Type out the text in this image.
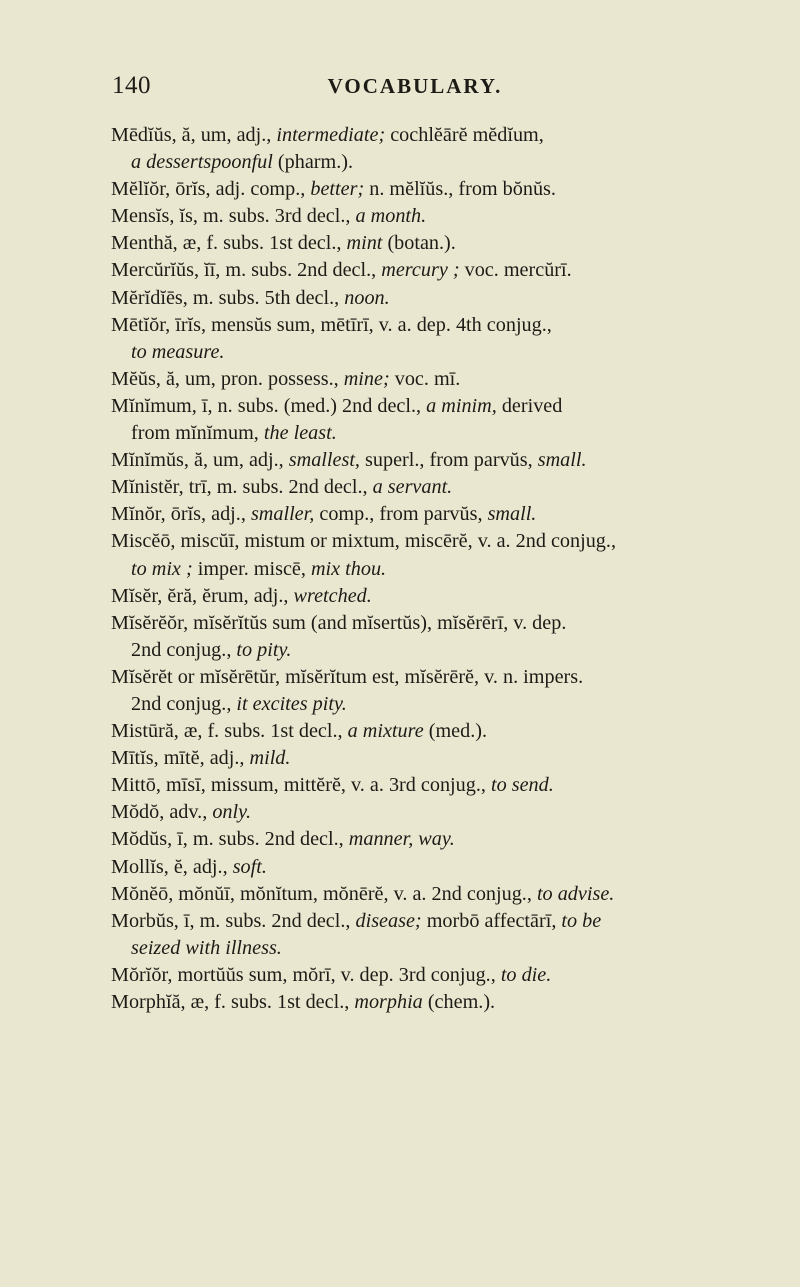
140	VOCABULARY.
Mēdĭŭs, ă, um, adj., intermediate; cochlĕārĕ mĕdĭum,
a dessertspoonful (pharm.).
Mĕlĭŏr, ōrĭs, adj. comp., better; n. mĕlĭŭs., from bŏnŭs.
Mensĭs, ĭs, m. subs. 3rd decl., a month.
Menthă, æ, f. subs. 1st decl., mint (botan.).
Mercŭrĭŭs, ĭī, m. subs. 2nd decl., mercury ; voc. mercŭrī.
Mĕrĭdĭēs, m. subs. 5th decl., noon.
Mētĭŏr, īrĭs, mensŭs sum, mētīrī, v. a. dep. 4th conjug.,
to measure.
Mĕŭs, ă, um, pron. possess., mine; voc. mī.
Mĭnĭmum, ī, n. subs. (med.) 2nd decl., a minim, derived
from mĭnĭmum, the least.
Mĭnĭmŭs, ă, um, adj., smallest, superl., from parvŭs, small.
Mĭnistĕr, trī, m. subs. 2nd decl., a servant.
Mĭnŏr, ōrĭs, adj., smaller, comp., from parvŭs, small.
Miscĕō, miscŭī, mistum or mixtum, miscērĕ, v. a. 2nd conjug.,
to mix ; imper. miscē, mix thou.
Mĭsĕr, ĕră, ĕrum, adj., wretched.
Mĭsĕrĕŏr, mĭsĕrĭtŭs sum (and mĭsertŭs), mĭsĕrērī, v. dep.
2nd conjug., to pity.
Mĭsĕrĕt or mĭsĕrētŭr, mĭsĕrĭtum est, mĭsĕrērĕ, v. n. impers.
2nd conjug., it excites pity.
Mistūră, æ, f. subs. 1st decl., a mixture (med.).
Mītĭs, mītĕ, adj., mild.
Mittō, mīsī, missum, mittĕrĕ, v. a. 3rd conjug., to send.
Mŏdŏ, adv., only.
Mŏdŭs, ī, m. subs. 2nd decl., manner, way.
Mollĭs, ĕ, adj., soft.
Mŏnĕō, mŏnŭī, mŏnĭtum, mŏnērĕ, v. a. 2nd conjug., to advise.
Morbŭs, ī, m. subs. 2nd decl., disease; morbō affectārī, to be
seized with illness.
Mŏrĭŏr, mortŭŭs sum, mŏrī, v. dep. 3rd conjug., to die.
Morphĭă, æ, f. subs. 1st decl., morphia (chem.).
